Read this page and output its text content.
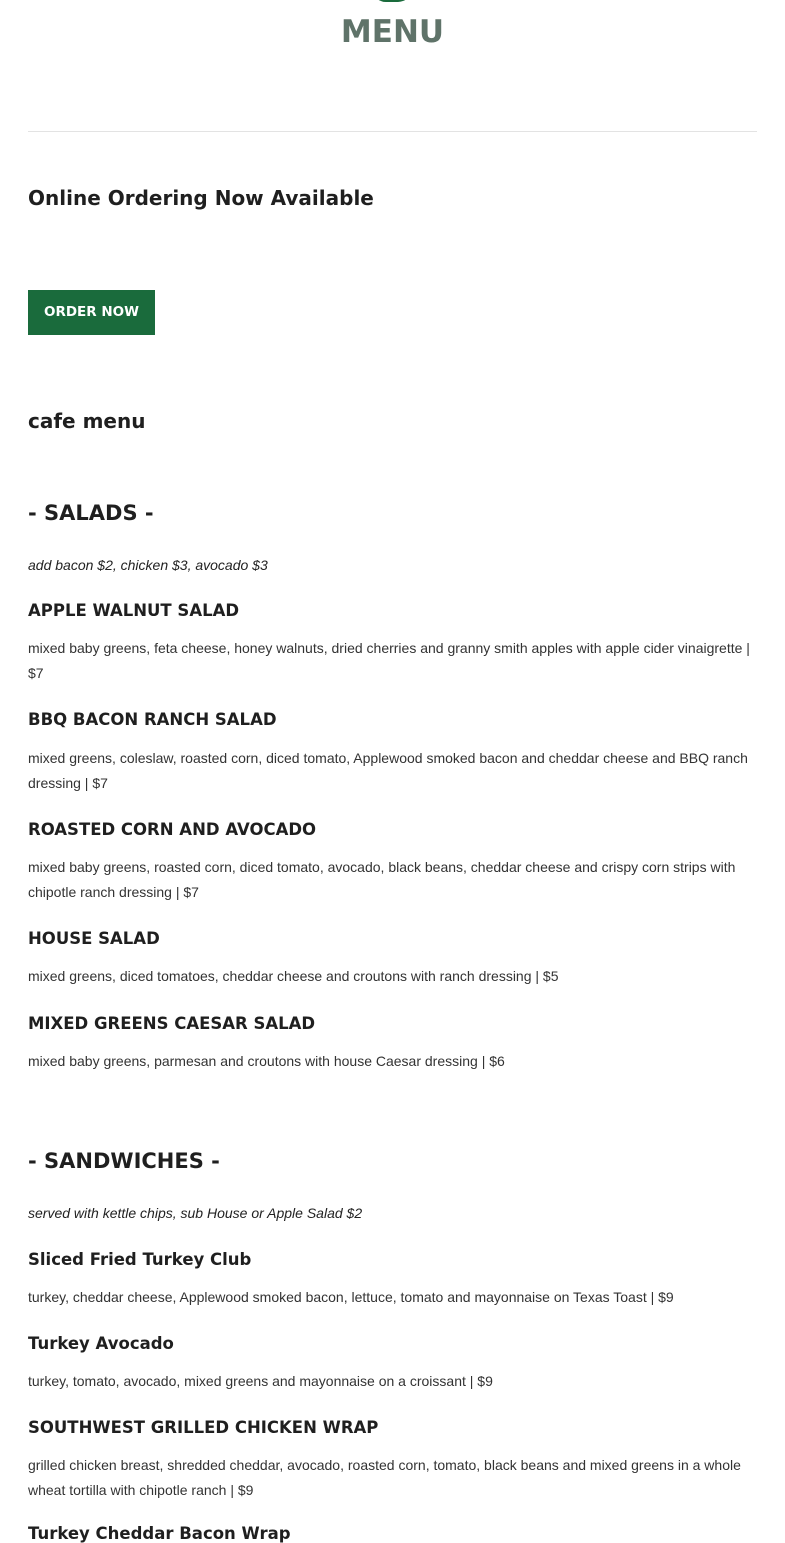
MENU
Online Ordering Now Available
ORDER NOW
cafe menu
- SALADS -

add bacon $2, chicken $3, avocado $3

APPLE WALNUT SALAD

mixed baby greens, feta cheese, honey walnuts, dried cherries and granny smith apples with apple cider vinaigrette | $7

BBQ BACON RANCH SALAD

mixed greens, coleslaw, roasted corn, diced tomato, Applewood smoked bacon and cheddar cheese and BBQ ranch dressing | $7

ROASTED CORN AND AVOCADO

mixed baby greens, roasted corn, diced tomato, avocado, black beans, cheddar cheese and crispy corn strips with chipotle ranch dressing | $7

HOUSE SALAD

mixed greens, diced tomatoes, cheddar cheese and croutons with ranch dressing | $5

MIXED GREENS CAESAR SALAD

mixed baby greens, parmesan and croutons with house Caesar dressing | $6

- SANDWICHES -

served with kettle chips, sub House or Apple Salad $2

Sliced Fried Turkey Club

turkey, cheddar cheese, Applewood smoked bacon, lettuce, tomato and mayonnaise on Texas Toast | $9

Turkey Avocado

turkey, tomato, avocado, mixed greens and mayonnaise on a croissant | $9

SOUTHWEST GRILLED CHICKEN WRAP

grilled chicken breast, shredded cheddar, avocado, roasted corn, tomato, black beans and mixed greens in a whole wheat tortilla with chipotle ranch | $9

Turkey Cheddar Bacon Wrap
